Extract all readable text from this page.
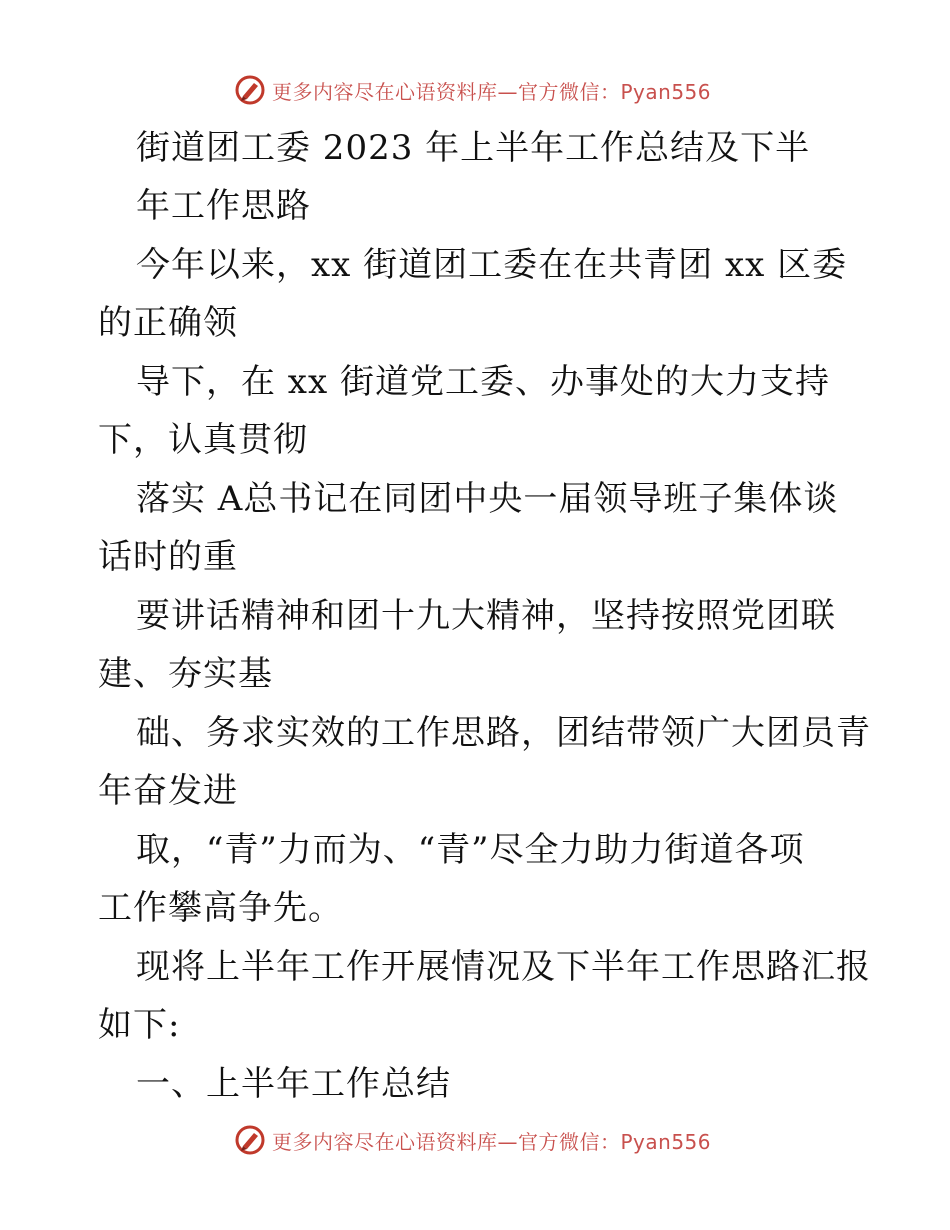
更多内容尽在心语资料库—官方微信：Pyan556
街道团工委 2023 年上半年工作总结及下半
年工作思路
今年以来，xx 街道团工委在在共青团 xx 区委
的正确领
导下，在 xx 街道党工委、办事处的大力支持
下，认真贯彻
落实 A总书记在同团中央一届领导班子集体谈
话时的重
要讲话精神和团十九大精神，坚持按照党团联
建、夯实基
础、务求实效的工作思路，团结带领广大团员青
年奋发进
取，“青”力而为、“青”尽全力助力街道各项
工作攀高争先。
现将上半年工作开展情况及下半年工作思路汇报
如下:
一、上半年工作总结
更多内容尽在心语资料库—官方微信：Pyan556
